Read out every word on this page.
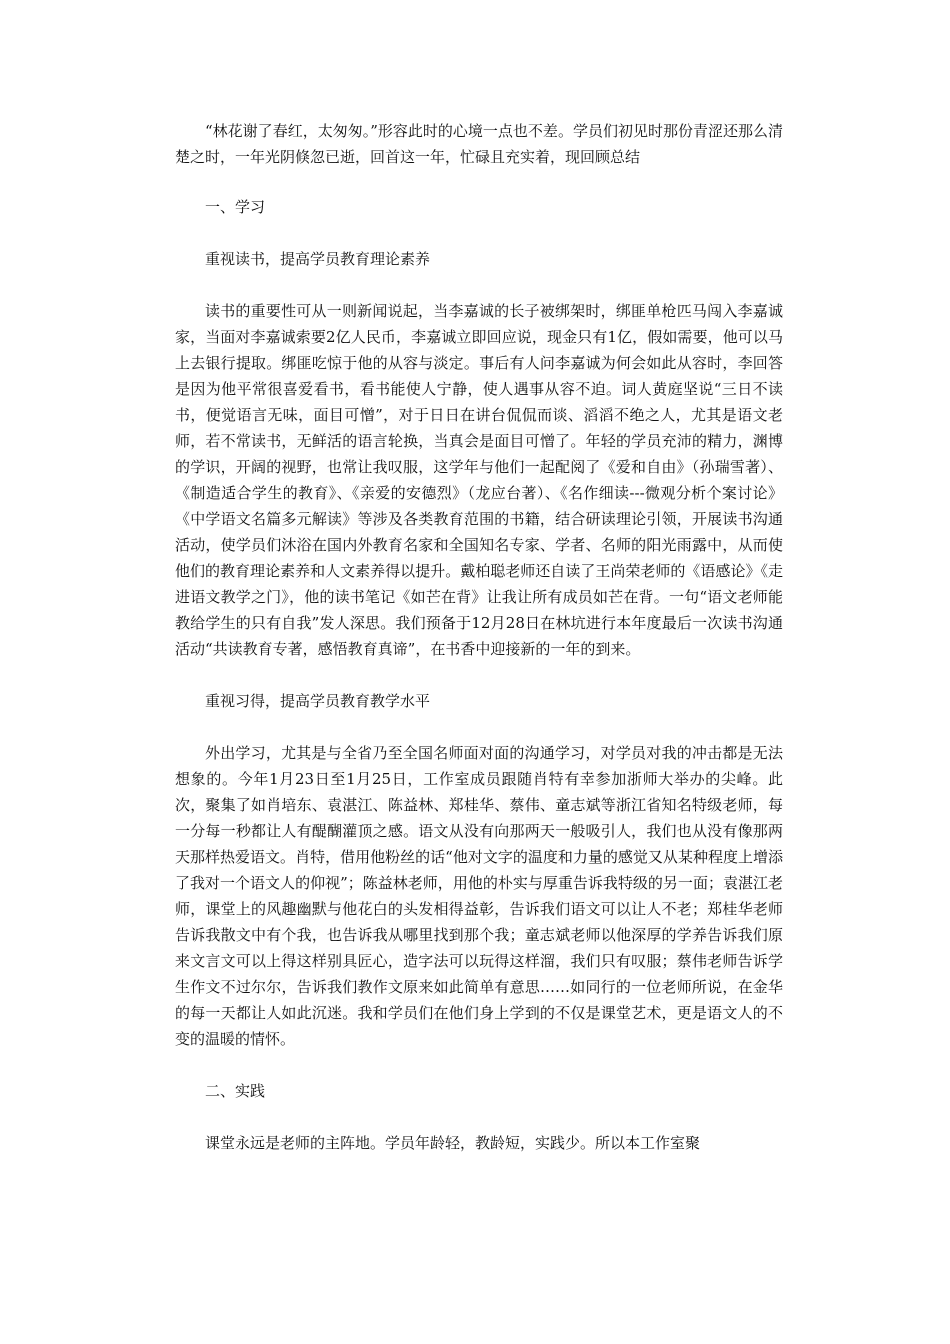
“林花谢了春红，太匆匆。”形容此时的心境一点也不差。学员们初见时那份青涩还那么清楚之时，一年光阴倏忽已逝，回首这一年，忙碌且充实着，现回顾总结

一、学习

重视读书，提高学员教育理论素养

读书的重要性可从一则新闻说起，当李嘉诚的长子被绑架时，绑匪单枪匹马闯入李嘉诚家，当面对李嘉诚索要2亿人民币，李嘉诚立即回应说，现金只有1亿，假如需要，他可以马上去银行提取。绑匪吃惊于他的从容与淡定。事后有人问李嘉诚为何会如此从容时，李回答是因为他平常很喜爱看书，看书能使人宁静，使人遇事从容不迫。词人黄庭坚说“三日不读书，便觉语言无味，面目可憎”，对于日日在讲台侃侃而谈、滔滔不绝之人，尤其是语文老师，若不常读书，无鲜活的语言轮换，当真会是面目可憎了。年轻的学员充沛的精力，渊博的学识，开阔的视野，也常让我叹服，这学年与他们一起配阅了《爱和自由》（孙瑞雪著）、《制造适合学生的教育》、《亲爱的安德烈》（龙应台著）、《名作细读---微观分析个案讨论》《中学语文名篇多元解读》等涉及各类教育范围的书籍，结合研读理论引领，开展读书沟通活动，使学员们沐浴在国内外教育名家和全国知名专家、学者、名师的阳光雨露中，从而使他们的教育理论素养和人文素养得以提升。戴柏聪老师还自读了王尚荣老师的《语感论》《走进语文教学之门》，他的读书笔记《如芒在背》让我让所有成员如芒在背。一句“语文老师能教给学生的只有自我”发人深思。我们预备于12月28日在林坑进行本年度最后一次读书沟通活动“共读教育专著，感悟教育真谛”，在书香中迎接新的一年的到来。

重视习得，提高学员教育教学水平

外出学习，尤其是与全省乃至全国名师面对面的沟通学习，对学员对我的冲击都是无法想象的。今年1月23日至1月25日，工作室成员跟随肖特有幸参加浙师大举办的尖峰。此次，聚集了如肖培东、袁湛江、陈益林、郑桂华、蔡伟、童志斌等浙江省知名特级老师，每一分每一秒都让人有醍醐灌顶之感。语文从没有向那两天一般吸引人，我们也从没有像那两天那样热爱语文。肖特，借用他粉丝的话“他对文字的温度和力量的感觉又从某种程度上增添了我对一个语文人的仰视”；陈益林老师，用他的朴实与厚重告诉我特级的另一面；袁湛江老师，课堂上的风趣幽默与他花白的头发相得益彰，告诉我们语文可以让人不老；郑桂华老师告诉我散文中有个我，也告诉我从哪里找到那个我；童志斌老师以他深厚的学养告诉我们原来文言文可以上得这样别具匠心，造字法可以玩得这样溜，我们只有叹服；蔡伟老师告诉学生作文不过尔尔，告诉我们教作文原来如此简单有意思……如同行的一位老师所说，在金华的每一天都让人如此沉迷。我和学员们在他们身上学到的不仅是课堂艺术，更是语文人的不变的温暖的情怀。

二、实践

课堂永远是老师的主阵地。学员年龄轻，教龄短，实践少。所以本工作室聚
